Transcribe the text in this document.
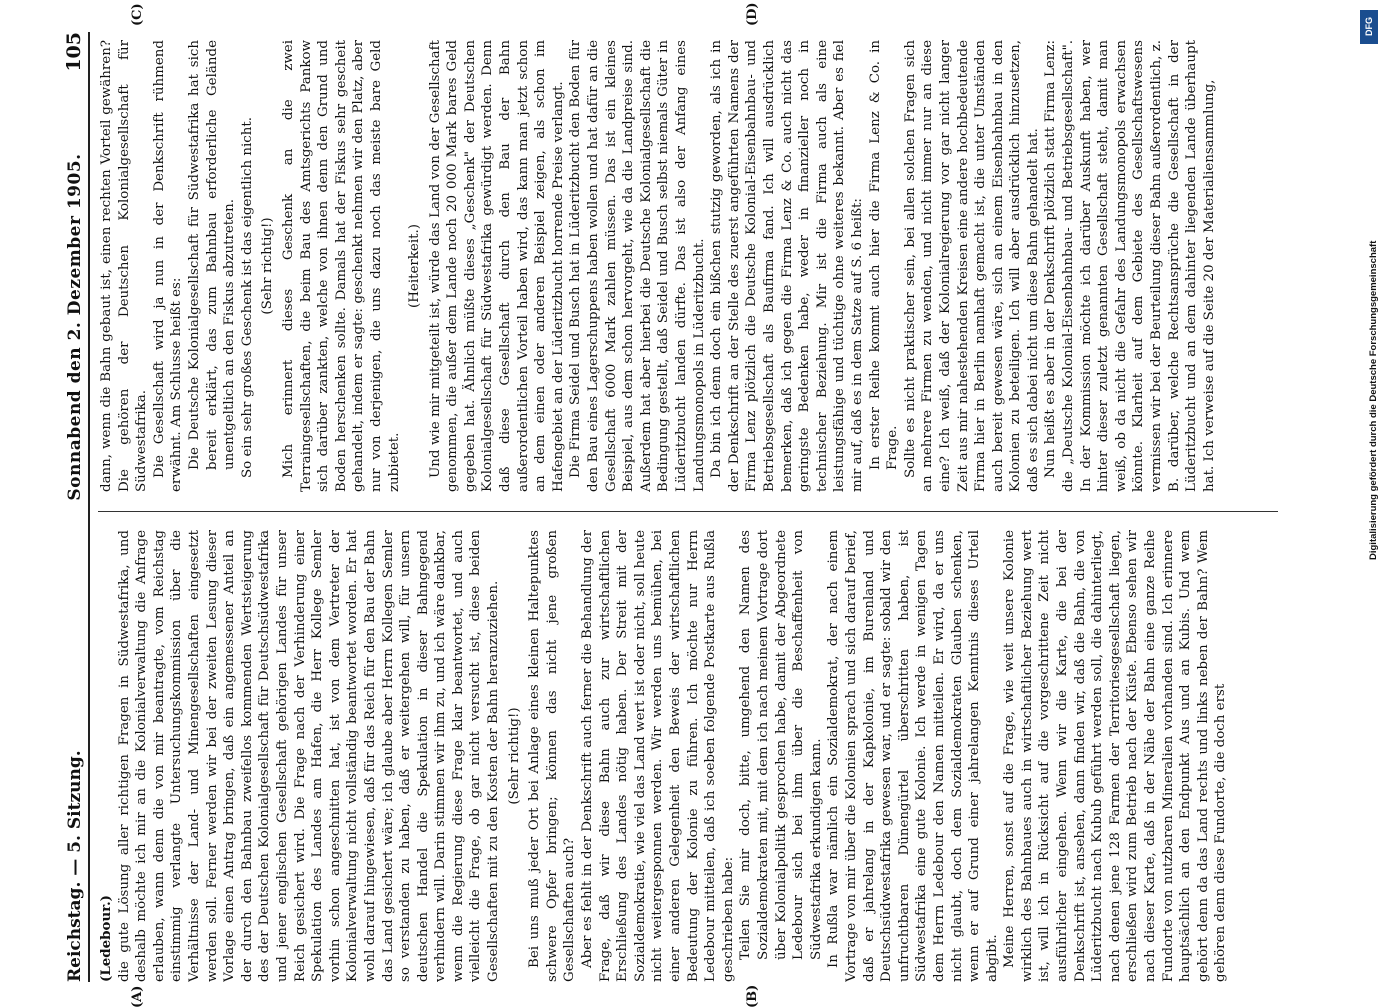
Reichstag. — 5. Sitzung.
Sonnabend den 2. Dezember 1905.
105
(A)	(B)
(C)	(D)

(Ledebour.) die gute Lösung aller richtigen Fragen in Südwestafrika, und deshalb möchte ich mir an die Kolonialverwaltung die Anfrage erlauben, wann denn die von mir beantragte, vom Reichstag einstimmig verlangte Untersuchungskommission über die Verhältnisse der Land- und Minengesellschaften eingesetzt werden soll. Ferner werden wir bei der zweiten Lesung dieser Vorlage einen Antrag bringen, daß ein angemessener Anteil an der durch den Bahnbau zweifellos kommenden Wertsteigerung des der Deutschen Kolonialgesellschaft für Deutschsüdwestafrika und jener englischen Gesellschaft gehörigen Landes für unser Reich gesichert wird. Die Frage nach der Verhinderung einer Spekulation des Landes am Hafen, die Herr Kollege Semler vorhin schon angeschnitten hat, ist von dem Vertreter der Kolonialverwaltung nicht vollständig beantwortet worden. Er hat wohl darauf hingewiesen, daß für das Reich für den Bau der Bahn das Land gesichert wäre; ich glaube aber Herrn Kollegen Semler so verstanden zu haben, daß er weitergehen will, für unsern deutschen Handel die Spekulation in dieser Bahngegend verhindern will. Darin stimmen wir ihm zu, und ich wäre dankbar, wenn die Regierung diese Frage klar beantwortet, und auch vielleicht die Frage, ob gar nicht versucht ist, diese beiden Gesellschaften mit zu den Kosten der Bahn heranzuziehen. (Sehr richtig!) Bei uns muß jeder Ort bei Anlage eines kleinen Haltepunktes schwere Opfer bringen; können das nicht jene großen Gesellschaften auch? Aber es fehlt in der Denkschrift auch ferner die Behandlung der Frage, daß wir diese Bahn auch zur wirtschaftlichen Erschließung des Landes nötig haben. Der Streit mit der Sozialdemokratie, wie viel das Land wert ist oder nicht, soll heute nicht weitergesponnen werden. Wir werden uns bemühen, bei einer anderen Gelegenheit den Beweis der wirtschaftlichen Bedeutung der Kolonie zu führen. Ich möchte nur Herrn Ledebour mitteilen, daß ich soeben folgende Postkarte aus Rußla geschrieben habe: Teilen Sie mir doch, bitte, umgehend den Namen des Sozialdemokraten mit, mit dem ich nach meinem Vortrage dort über Kolonialpolitik gesprochen habe, damit der Abgeordnete Ledebour sich bei ihm über die Beschaffenheit von Südwestafrika erkundigen kann. In Rußla war nämlich ein Sozialdemokrat, der nach einem Vortrage von mir über die Kolonien sprach und sich darauf berief, daß er jahrelang in der Kapkolonie, im Burenland und Deutschsüdwestafrika gewesen war, und er sagte: sobald wir den unfruchtbaren Dünengürtel überschritten haben, ist Südwestafrika eine gute Kolonie. Ich werde in wenigen Tagen dem Herrn Ledebour den Namen mitteilen. Er wird, da er uns nicht glaubt, doch dem Sozialdemokraten Glauben schenken, wenn er auf Grund einer jahrelangen Kenntnis dieses Urteil abgibt. Meine Herren, sonst auf die Frage, wie weit unsere Kolonie wirklich des Bahnbaues auch in wirtschaftlicher Beziehung wert ist, will ich in Rücksicht auf die vorgeschrittene Zeit nicht ausführlicher eingehen. Wenn wir die Karte, die bei der Denkschrift ist, ansehen, dann finden wir, daß die Bahn, die von Lüderitzbucht nach Kubub geführt werden soll, die dahinterliegt, nach denen jene 128 Farmen der Territoriesgesellschaft liegen, erschließen wird zum Betrieb nach der Küste. Ebenso sehen wir nach dieser Karte, daß in der Nähe der Bahn eine ganze Reihe Fundorte von nutzbaren Mineralien vorhanden sind. Ich erinnere hauptsächlich an den Endpunkt Aus und an Kubis. Und wem gehört denn da das Land rechts und links neben der Bahn? Wem gehören denn diese Fundorte, die doch erst

dann, wenn die Bahn gebaut ist, einen rechten Vorteil gewähren? Die gehören der Deutschen Kolonialgesellschaft für Südwestafrika. Die Gesellschaft wird ja nun in der Denkschrift rühmend erwähnt. Am Schlusse heißt es: Die Deutsche Kolonialgesellschaft für Südwestafrika hat sich bereit erklärt, das zum Bahnbau erforderliche Gelände unentgeltlich an den Fiskus abzutreten. So ein sehr großes Geschenk ist das eigentlich nicht. (Sehr richtig!) Mich erinnert dieses Geschenk an die zwei Terraingesellschaften, die beim Bau des Amtsgerichts Pankow sich darüber zankten, welche von ihnen denn den Grund und Boden herschenken sollte. Damals hat der Fiskus sehr gescheit gehandelt, indem er sagte: geschenkt nehmen wir den Platz, aber nur von derjenigen, die uns dazu noch das meiste bare Geld zubietet.

(Heiterkeit.) Und wie mir mitgeteilt ist, würde das Land von der Gesellschaft genommen, die außer dem Lande noch 20 000 Mark bares Geld gegeben hat. Ähnlich müßte dieses „Geschenk" der Deutschen Kolonialgesellschaft für Südwestafrika gewürdigt werden. Denn daß diese Gesellschaft durch den Bau der Bahn außerordentlichen Vorteil haben wird, das kann man jetzt schon an dem einen oder anderen Beispiel zeigen, als schon im Hafengebiet an der Lüderitzbucht horrende Preise verlangt. Die Firma Seidel und Busch hat in Lüderitzbucht den Boden für den Bau eines Lagerschuppens haben wollen und hat dafür an die Gesellschaft 6000 Mark zahlen müssen. Das ist ein kleines Beispiel, aus dem schon hervorgeht, wie da die Landpreise sind. Außerdem hat aber hierbei die Deutsche Kolonialgesellschaft die Bedingung gestellt, daß Seidel und Busch selbst niemals Güter in Lüderitzbucht landen dürfte. Das ist also der Anfang eines Landungsmonopols in Lüderitzbucht. Da bin ich denn doch ein bißchen stutzig geworden, als ich in der Denkschrift an der Stelle des zuerst angeführten Namens der Firma Lenz plötzlich die Deutsche Kolonial-Eisenbahnbau- und Betriebsgesellschaft als Baufirma fand. Ich will ausdrücklich bemerken, daß ich gegen die Firma Lenz & Co. auch nicht das geringste Bedenken habe, weder in finanzieller noch in technischer Beziehung. Mir ist die Firma auch als eine leistungsfähige und tüchtige ohne weiteres bekannt. Aber es fiel mir auf, daß es in dem Satze auf S. 6 heißt: In erster Reihe kommt auch hier die Firma Lenz & Co. in Frage. Sollte es nicht praktischer sein, bei allen solchen Fragen sich an mehrere Firmen zu wenden, und nicht immer nur an diese eine? Ich weiß, daß der Kolonialregierung vor gar nicht langer Zeit aus mir nahestehenden Kreisen eine andere hochbedeutende Firma hier in Berlin namhaft gemacht ist, die unter Umständen auch bereit gewesen wäre, sich an einem Eisenbahnbau in den Kolonien zu beteiligen. Ich will aber ausdrücklich hinzusetzen, daß es sich dabei nicht um diese Bahn gehandelt hat. Nun heißt es aber in der Denkschrift plötzlich statt Firma Lenz: die „Deutsche Kolonial-Eisenbahnbau- und Betriebsgesellschaft". In der Kommission möchte ich darüber Auskunft haben, wer hinter dieser zuletzt genannten Gesellschaft steht, damit man weiß, ob da nicht die Gefahr des Landungsmonopols erwachsen könnte. Klarheit auf dem Gebiete des Gesellschaftswesens vermissen wir bei der Beurteilung dieser Bahn außerordentlich, z. B. darüber, welche Rechtsansprüche die Gesellschaft in der Lüderitzbucht und an dem dahinter liegenden Lande überhaupt hat. Ich verweise auf die Seite 20 der Materialiensammlung,

DFG
Digitalisierung gefördert durch die Deutsche Forschungsgemeinschaft
